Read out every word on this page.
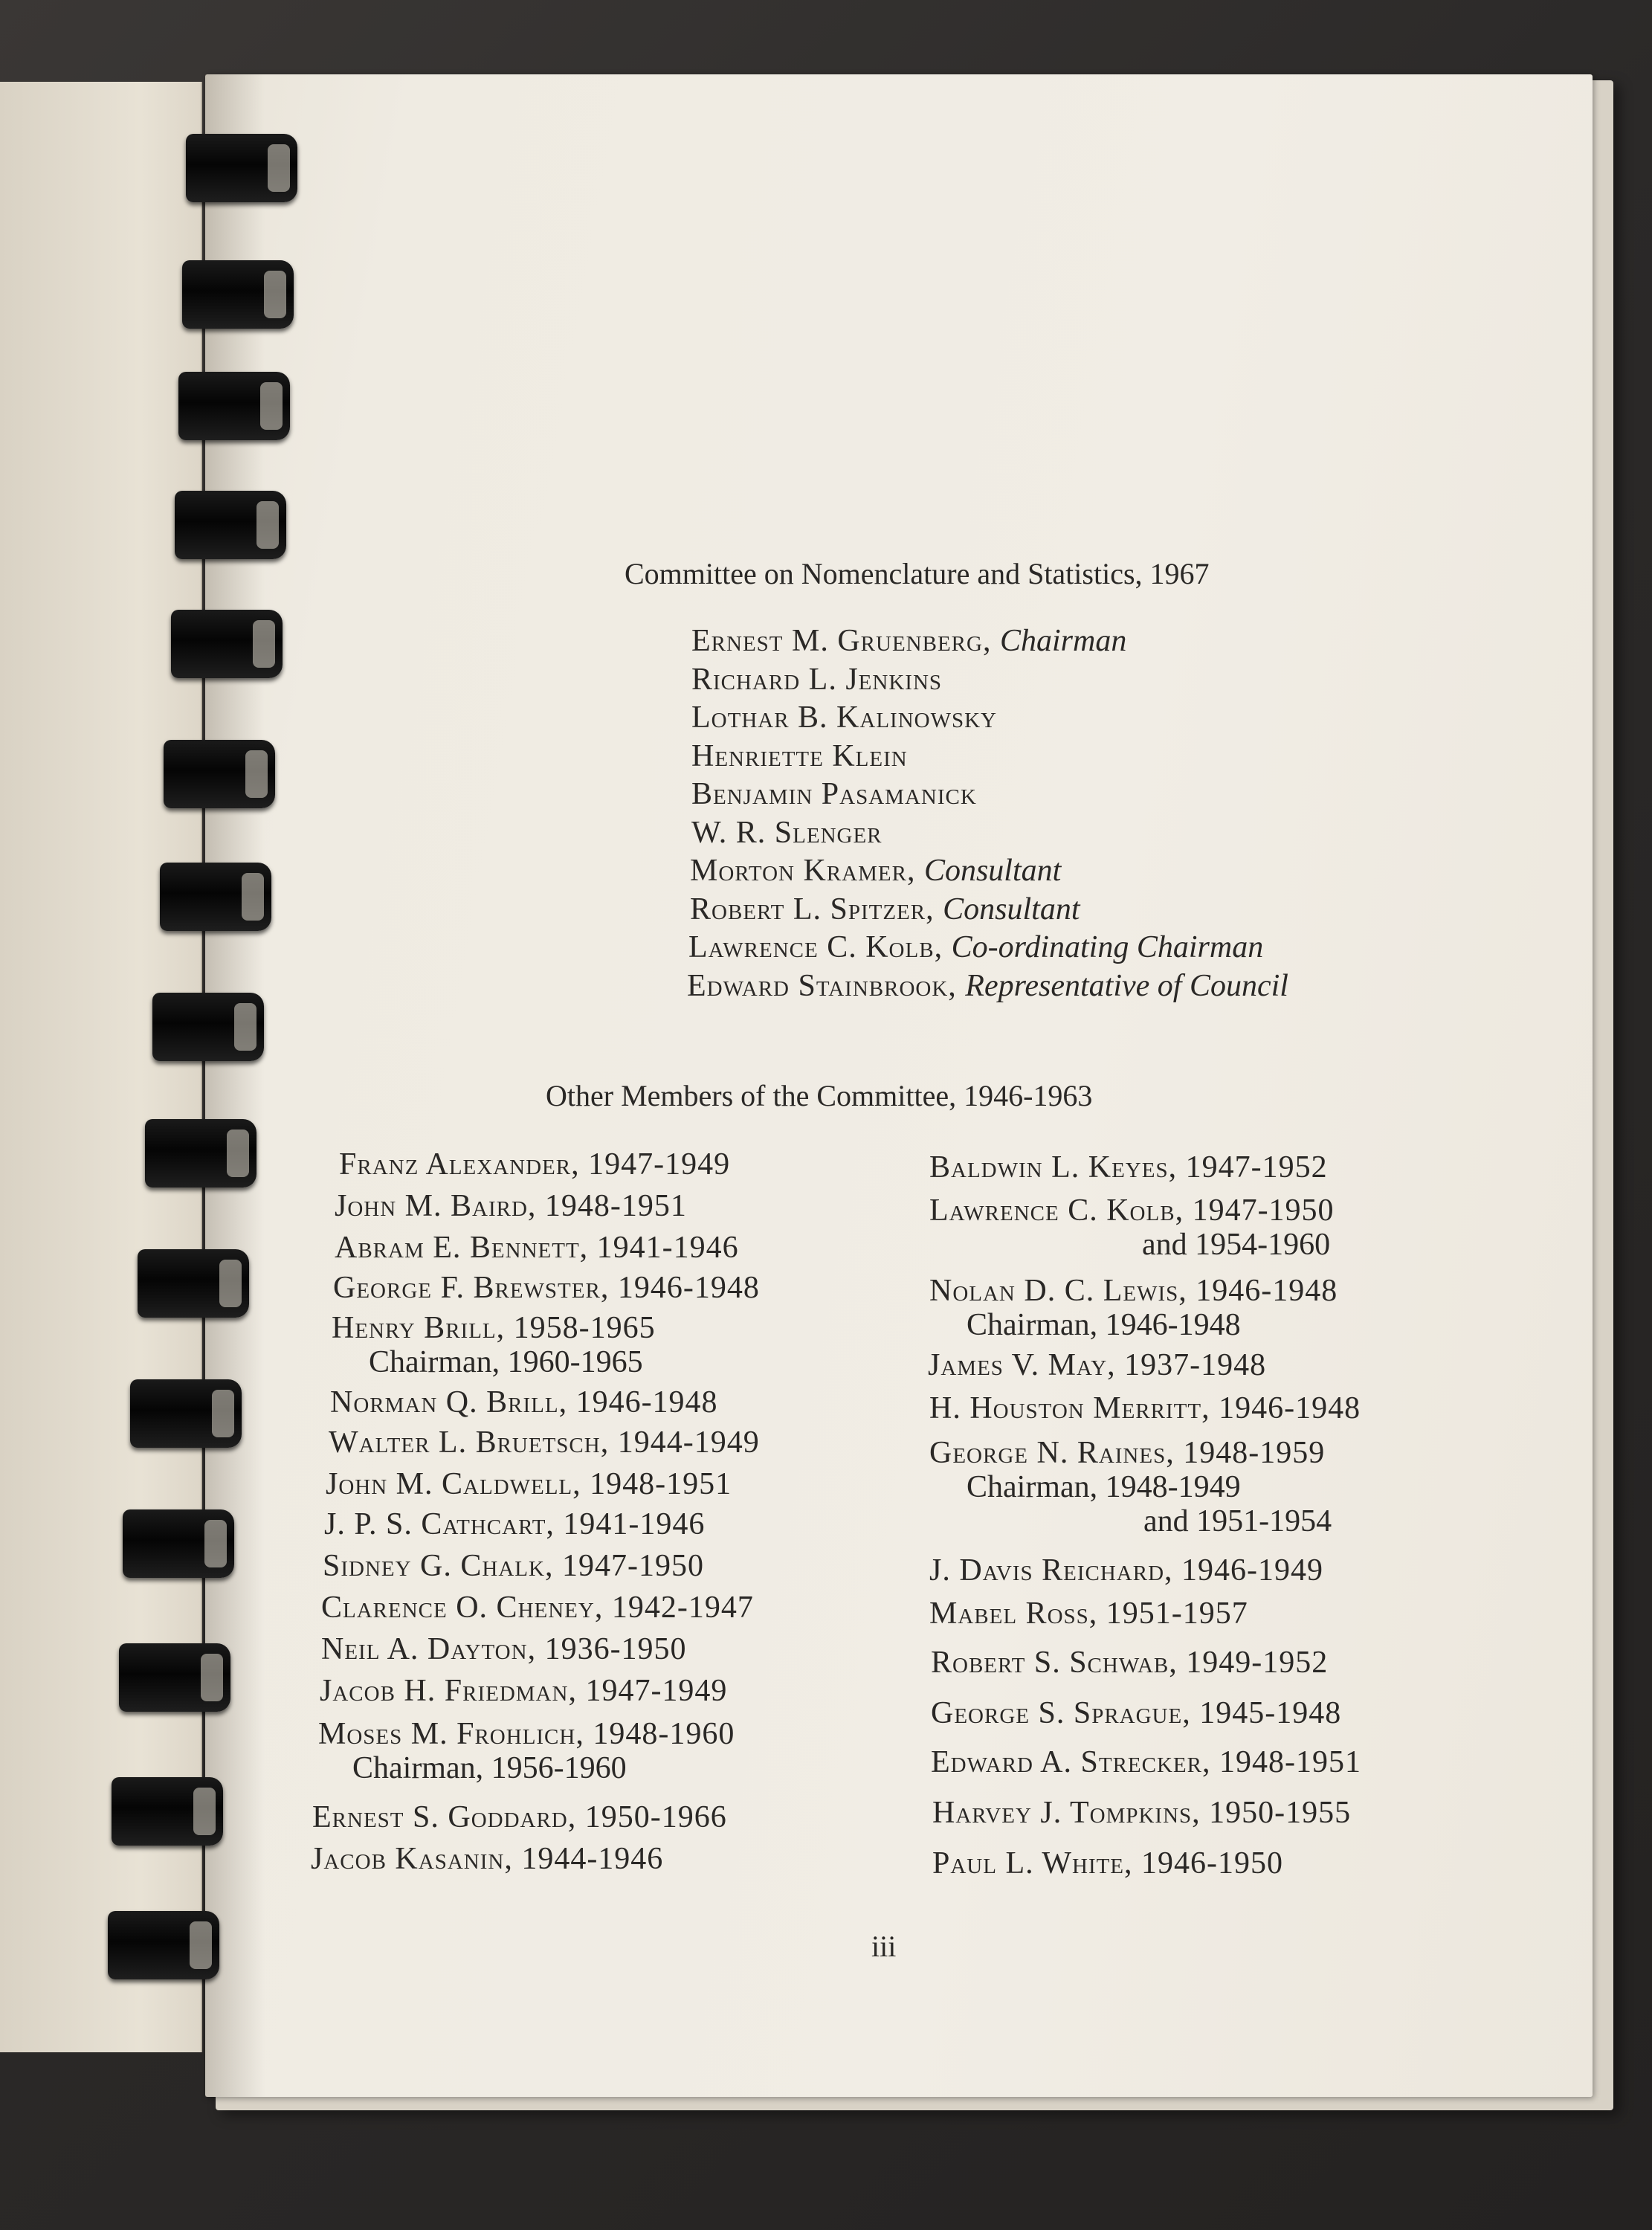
Committee on Nomenclature and Statistics, 1967
Ernest M. Gruenberg, Chairman
Richard L. Jenkins
Lothar B. Kalinowsky
Henriette Klein
Benjamin Pasamanick
W. R. Slenger
Morton Kramer, Consultant
Robert L. Spitzer, Consultant
Lawrence C. Kolb, Co-ordinating Chairman
Edward Stainbrook, Representative of Council
Other Members of the Committee, 1946-1963
Franz Alexander, 1947-1949
John M. Baird, 1948-1951
Abram E. Bennett, 1941-1946
George F. Brewster, 1946-1948
Henry Brill, 1958-1965
Chairman, 1960-1965
Norman Q. Brill, 1946-1948
Walter L. Bruetsch, 1944-1949
John M. Caldwell, 1948-1951
J. P. S. Cathcart, 1941-1946
Sidney G. Chalk, 1947-1950
Clarence O. Cheney, 1942-1947
Neil A. Dayton, 1936-1950
Jacob H. Friedman, 1947-1949
Moses M. Frohlich, 1948-1960
Chairman, 1956-1960
Ernest S. Goddard, 1950-1966
Jacob Kasanin, 1944-1946
Baldwin L. Keyes, 1947-1952
Lawrence C. Kolb, 1947-1950
and 1954-1960
Nolan D. C. Lewis, 1946-1948
Chairman, 1946-1948
James V. May, 1937-1948
H. Houston Merritt, 1946-1948
George N. Raines, 1948-1959
Chairman, 1948-1949
and 1951-1954
J. Davis Reichard, 1946-1949
Mabel Ross, 1951-1957
Robert S. Schwab, 1949-1952
George S. Sprague, 1945-1948
Edward A. Strecker, 1948-1951
Harvey J. Tompkins, 1950-1955
Paul L. White, 1946-1950
iii
